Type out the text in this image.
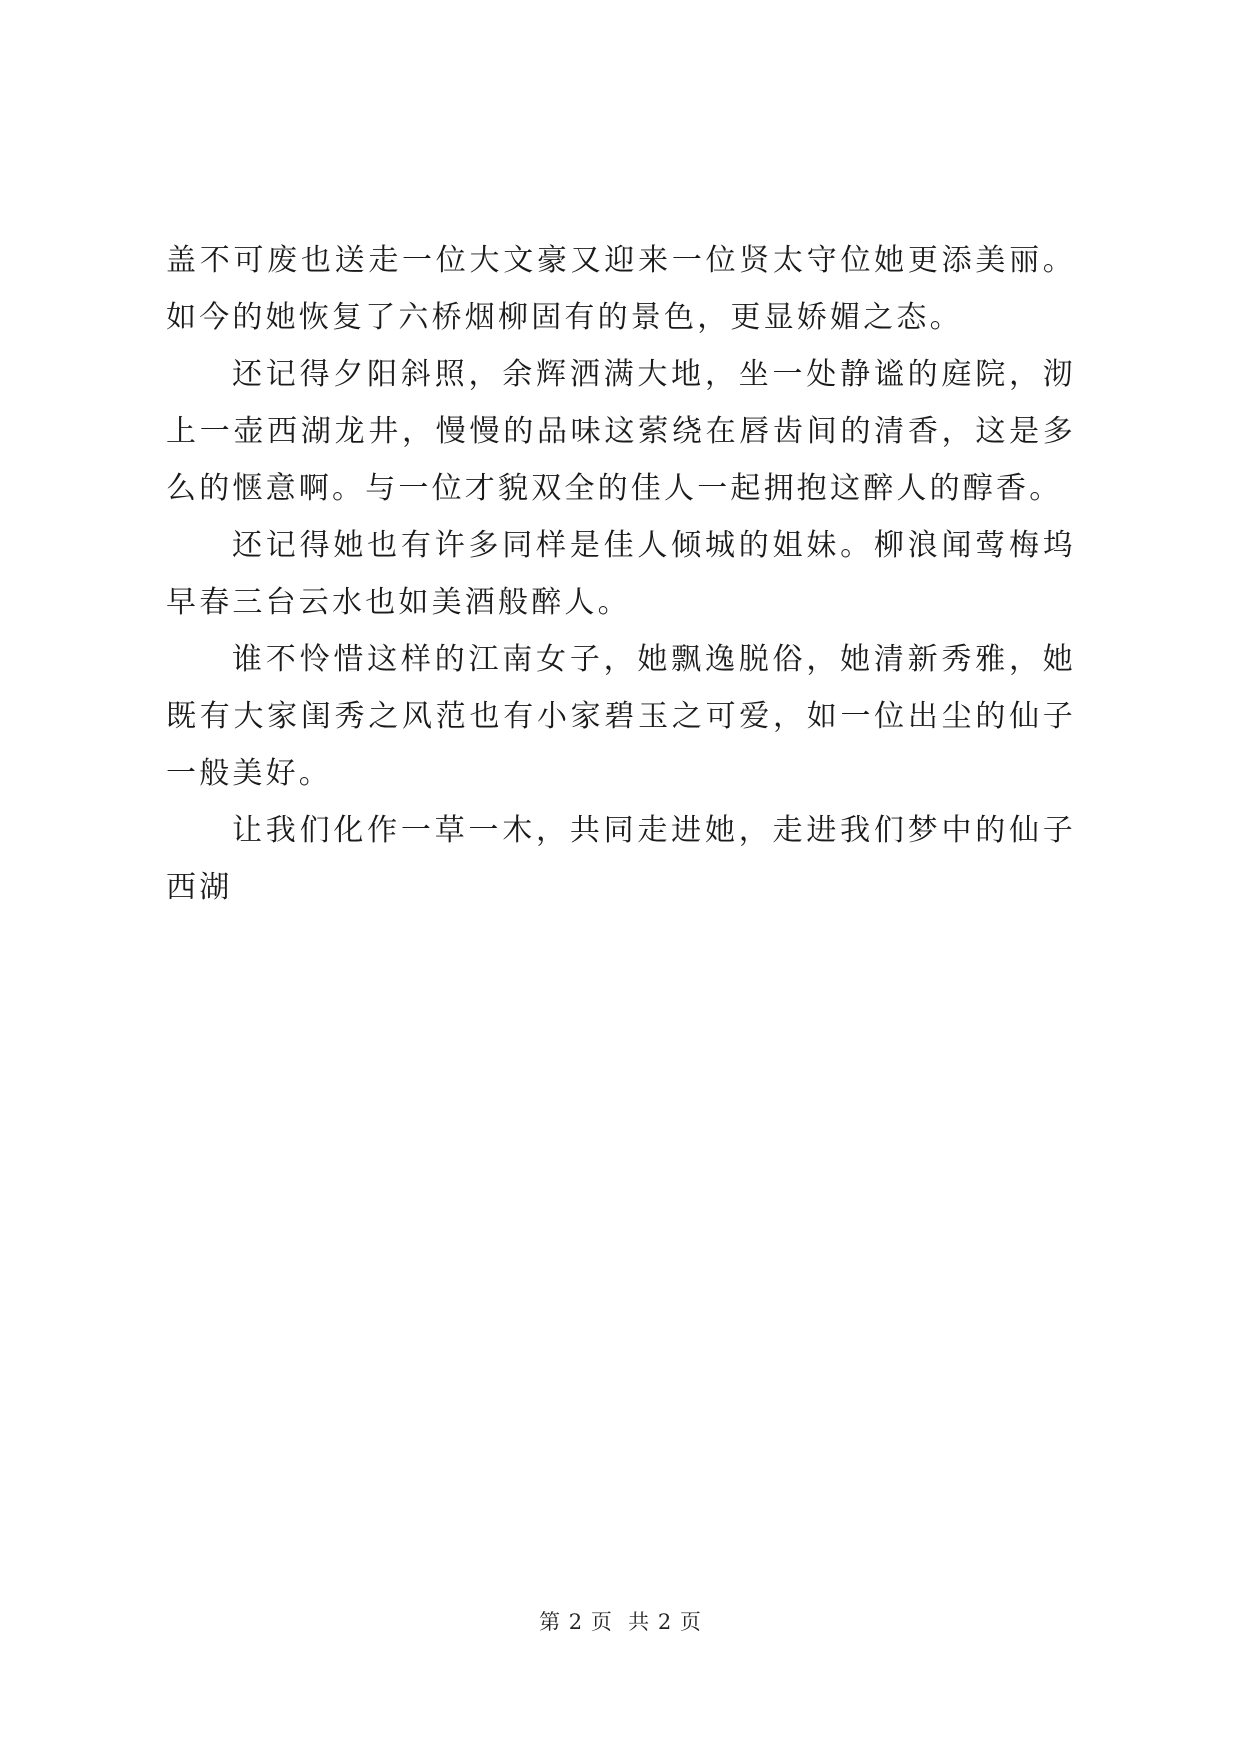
盖不可废也送走一位大文豪又迎来一位贤太守位她更添美丽。如今的她恢复了六桥烟柳固有的景色，更显娇媚之态。

还记得夕阳斜照，余辉洒满大地，坐一处静谧的庭院，沏上一壶西湖龙井，慢慢的品味这萦绕在唇齿间的清香，这是多么的惬意啊。与一位才貌双全的佳人一起拥抱这醉人的醇香。

还记得她也有许多同样是佳人倾城的姐妹。柳浪闻莺梅坞早春三台云水也如美酒般醉人。

谁不怜惜这样的江南女子，她飘逸脱俗，她清新秀雅，她既有大家闺秀之风范也有小家碧玉之可爱，如一位出尘的仙子一般美好。

让我们化作一草一木，共同走进她，走进我们梦中的仙子西湖

第 2 页  共 2 页
